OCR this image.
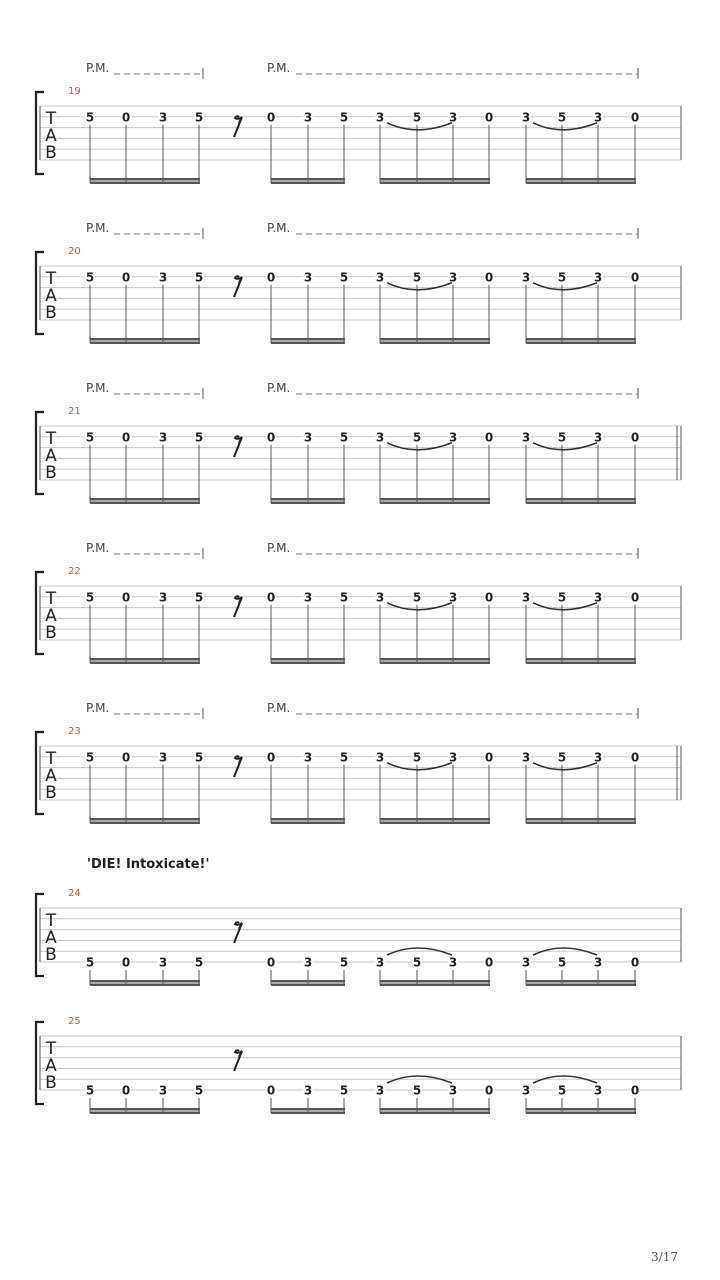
T
A
B
19
P.M.	P.M.
5 0 3 5	0 3 5 3 5 3 0 3 5 3 0
T
A
B
20
P.M.	P.M.
5 0 3 5	0 3 5 3 5 3 0 3 5 3 0
T
A
B
21
P.M.	P.M.
5 0 3 5	0 3 5 3 5 3 0 3 5 3 0
T
A
B
22
P.M.	P.M.
5 0 3 5	0 3 5 3 5 3 0 3 5 3 0
T
A
B
23
P.M.	P.M.
5 0 3 5	0 3 5 3 5 3 0 3 5 3 0
T
A
B
24
'DIE! Intoxicate!'
5 0 3 5	0 3 5 3 5 3 0 3 5 3 0
T
A
B
25
5 0 3 5	0 3 5 3 5 3 0 3 5 3 0
3/17
